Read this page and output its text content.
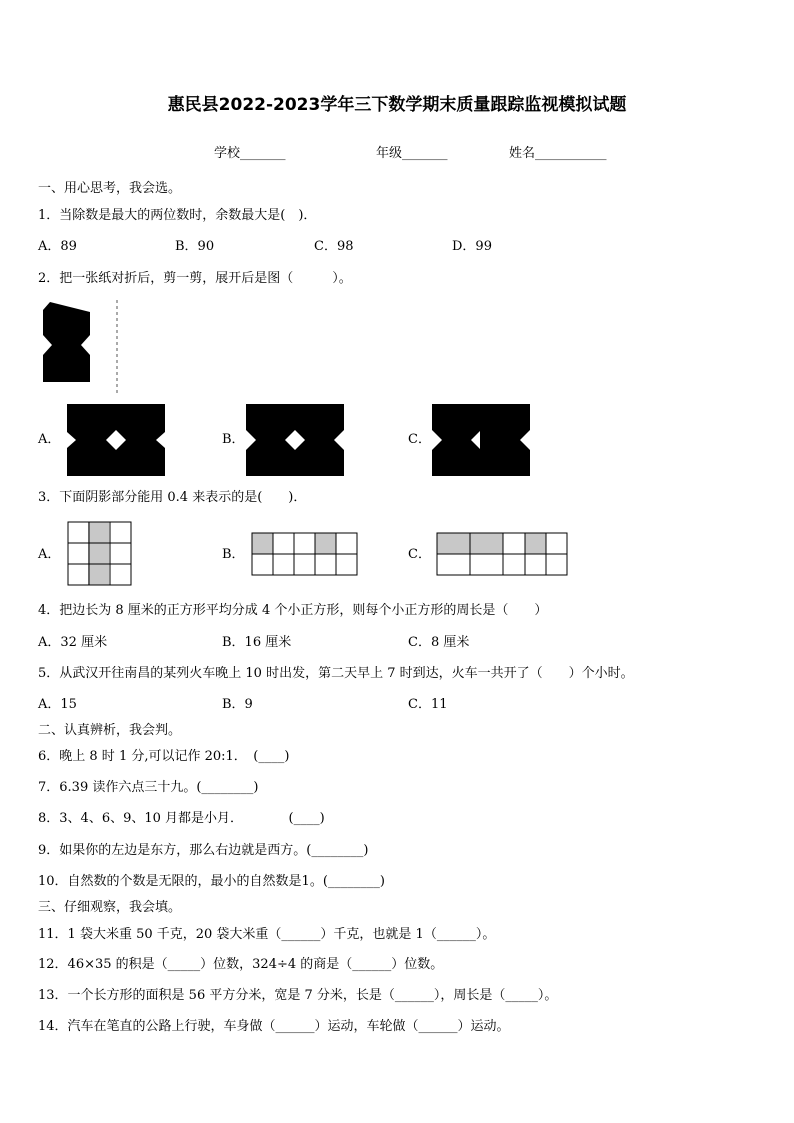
惠民县2022-2023学年三下数学期末质量跟踪监视模拟试题
学校_______	年级_______	姓名___________
一、用心思考，我会选。
1．当除数是最大的两位数时，余数最大是(　)．
A．89	B．90	C．98	D．99
2．把一张纸对折后，剪一剪，展开后是图（　　　）。
A．	B．	C．
3．下面阴影部分能用 0.4 来表示的是(　　)．
A．	B．	C．
4．把边长为 8 厘米的正方形平均分成 4 个小正方形，则每个小正方形的周长是（　　）
A．32 厘米	B．16 厘米	C．8 厘米
5．从武汉开往南昌的某列火车晚上 10 时出发，第二天早上 7 时到达，火车一共开了（　　）个小时。
A．15	B．9	C．11
二、认真辨析，我会判。
6．晚上 8 时 1 分,可以记作 20:1．　(____)
7．6.39 读作六点三十九。(________)
8．3、4、6、9、10 月都是小月．　　　　(____)
9．如果你的左边是东方，那么右边就是西方。(________)
10．自然数的个数是无限的，最小的自然数是1。(________)
三、仔细观察，我会填。
11．1 袋大米重 50 千克，20 袋大米重（______）千克，也就是 1（______）。
12．46×35 的积是（_____）位数，324÷4 的商是（______）位数。
13．一个长方形的面积是 56 平方分米，宽是 7 分米，长是（______），周长是（_____）。
14．汽车在笔直的公路上行驶，车身做（______）运动，车轮做（______）运动。
